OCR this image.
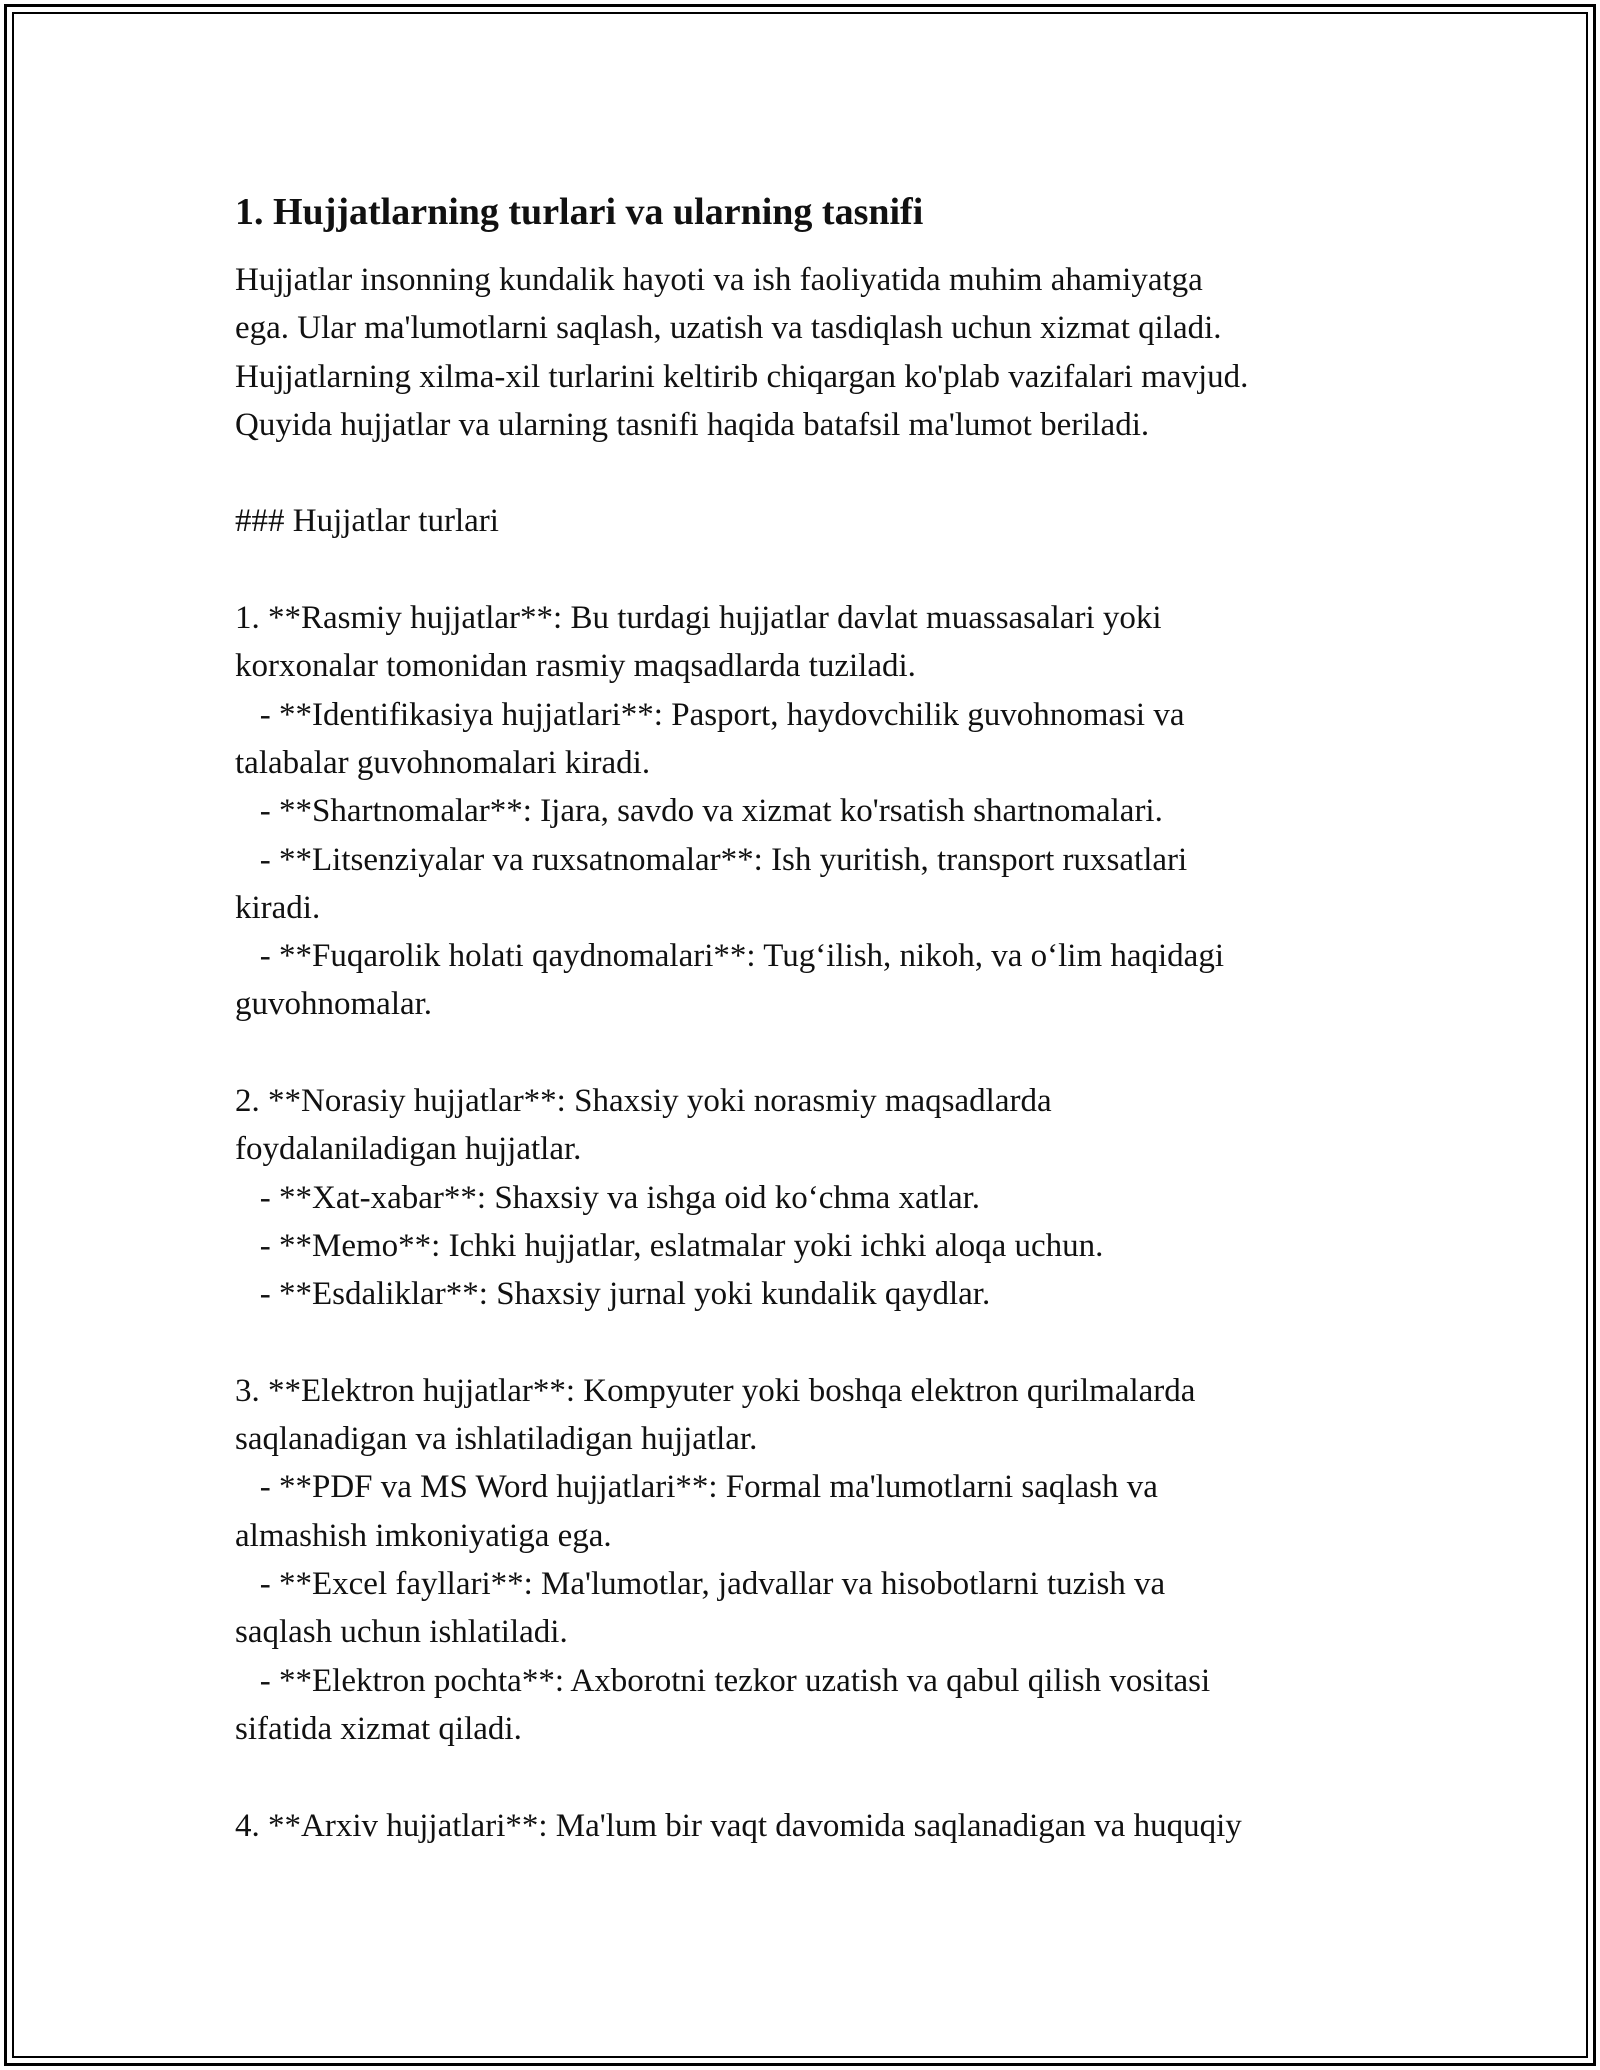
1. Hujjatlarning turlari va ularning tasnifi
Hujjatlar insonning kundalik hayoti va ish faoliyatida muhim ahamiyatga
ega. Ular ma'lumotlarni saqlash, uzatish va tasdiqlash uchun xizmat qiladi.
Hujjatlarning xilma-xil turlarini keltirib chiqargan ko'plab vazifalari mavjud.
Quyida hujjatlar va ularning tasnifi haqida batafsil ma'lumot beriladi.
### Hujjatlar turlari
1. **Rasmiy hujjatlar**: Bu turdagi hujjatlar davlat muassasalari yoki
korxonalar tomonidan rasmiy maqsadlarda tuziladi.
- **Identifikasiya hujjatlari**: Pasport, haydovchilik guvohnomasi va
talabalar guvohnomalari kiradi.
- **Shartnomalar**: Ijara, savdo va xizmat ko'rsatish shartnomalari.
- **Litsenziyalar va ruxsatnomalar**: Ish yuritish, transport ruxsatlari
kiradi.
- **Fuqarolik holati qaydnomalari**: Tug‘ilish, nikoh, va o‘lim haqidagi
guvohnomalar.
2. **Norasiy hujjatlar**: Shaxsiy yoki norasmiy maqsadlarda
foydalaniladigan hujjatlar.
- **Xat-xabar**: Shaxsiy va ishga oid ko‘chma xatlar.
- **Memo**: Ichki hujjatlar, eslatmalar yoki ichki aloqa uchun.
- **Esdaliklar**: Shaxsiy jurnal yoki kundalik qaydlar.
3. **Elektron hujjatlar**: Kompyuter yoki boshqa elektron qurilmalarda
saqlanadigan va ishlatiladigan hujjatlar.
- **PDF va MS Word hujjatlari**: Formal ma'lumotlarni saqlash va
almashish imkoniyatiga ega.
- **Excel fayllari**: Ma'lumotlar, jadvallar va hisobotlarni tuzish va
saqlash uchun ishlatiladi.
- **Elektron pochta**: Axborotni tezkor uzatish va qabul qilish vositasi
sifatida xizmat qiladi.
4. **Arxiv hujjatlari**: Ma'lum bir vaqt davomida saqlanadigan va huquqiy
